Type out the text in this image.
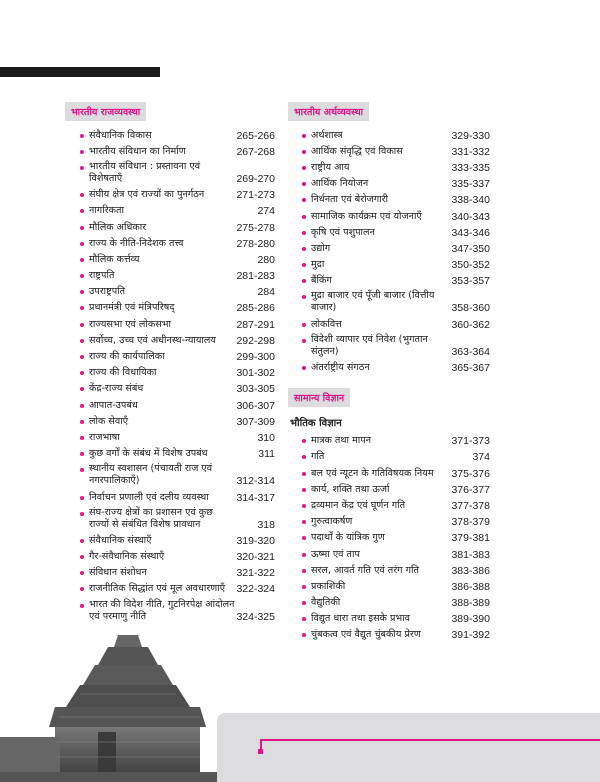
भारतीय राजव्यवस्था
संवैधानिक विकास	265-266
भारतीय संविधान का निर्माण	267-268
भारतीय संविधान : प्रस्तावना एवं विशेषताएँ	269-270
संघीय क्षेत्र एवं राज्यों का पुनर्गठन	271-273
नागरिकता	274
मौलिक अधिकार	275-278
राज्य के नीति-निदेशक तत्त्व	278-280
मौलिक कर्त्तव्य	280
राष्ट्रपति	281-283
उपराष्ट्रपति	284
प्रधानमंत्री एवं मंत्रिपरिषद्	285-286
राज्यसभा एवं लोकसभा	287-291
सर्वोच्च, उच्च एवं अधीनस्थ-न्यायालय	292-298
राज्य की कार्यपालिका	299-300
राज्य की विधायिका	301-302
केंद्र-राज्य संबंध	303-305
आपात-उपबंध	306-307
लोक सेवाएँ	307-309
राजभाषा	310
कुछ वर्गों के संबंध में विशेष उपबंध	311
स्थानीय स्वशासन (पंचायती राज एवं नगरपालिकाएँ)	312-314
निर्वाचन प्रणाली एवं दलीय व्यवस्था	314-317
संघ-राज्य क्षेत्रों का प्रशासन एवं कुछ राज्यों से संबंधित विशेष प्रावधान	318
संवैधानिक संस्थाएँ	319-320
गैर-संवैधानिक संस्थाएँ	320-321
संविधान संशोधन	321-322
राजनीतिक सिद्धांत एवं मूल अवधारणाएँ	322-324
भारत की विदेश नीति, गुटनिरपेक्ष आंदोलन एवं परमाणु नीति	324-325
भारतीय अर्थव्यवस्था
अर्थशास्त्र	329-330
आर्थिक संवृद्धि एवं विकास	331-332
राष्ट्रीय आय	333-335
आर्थिक नियोजन	335-337
निर्धनता एवं बेरोजगारी	338-340
सामाजिक कार्यक्रम एवं योजनाएँ	340-343
कृषि एवं पशुपालन	343-346
उद्योग	347-350
मुद्रा	350-352
बैंकिंग	353-357
मुद्रा बाजार एवं पूँजी बाजार (वित्तीय बाजार)	358-360
लोकवित्त	360-362
विदेशी व्यापार एवं निवेश (भुगतान संतुलन)	363-364
अंतर्राष्ट्रीय संगठन	365-367
सामान्य विज्ञान
भौतिक विज्ञान
मात्रक तथा मापन	371-373
गति	374
बल एवं न्यूटन के गतिविषयक नियम	375-376
कार्य, शक्ति तथा ऊर्जा	376-377
द्रव्यमान केंद्र एवं घूर्णन गति	377-378
गुरुत्वाकर्षण	378-379
पदार्थों के यांत्रिक गुण	379-381
ऊष्मा एवं ताप	381-383
सरल, आवर्त गति एवं तरंग गति	383-386
प्रकाशिकी	386-388
वैद्युतिकी	388-389
विद्युत धारा तथा इसके प्रभाव	389-390
चुंबकत्व एवं वैद्युत चुंबकीय प्रेरण	391-392
